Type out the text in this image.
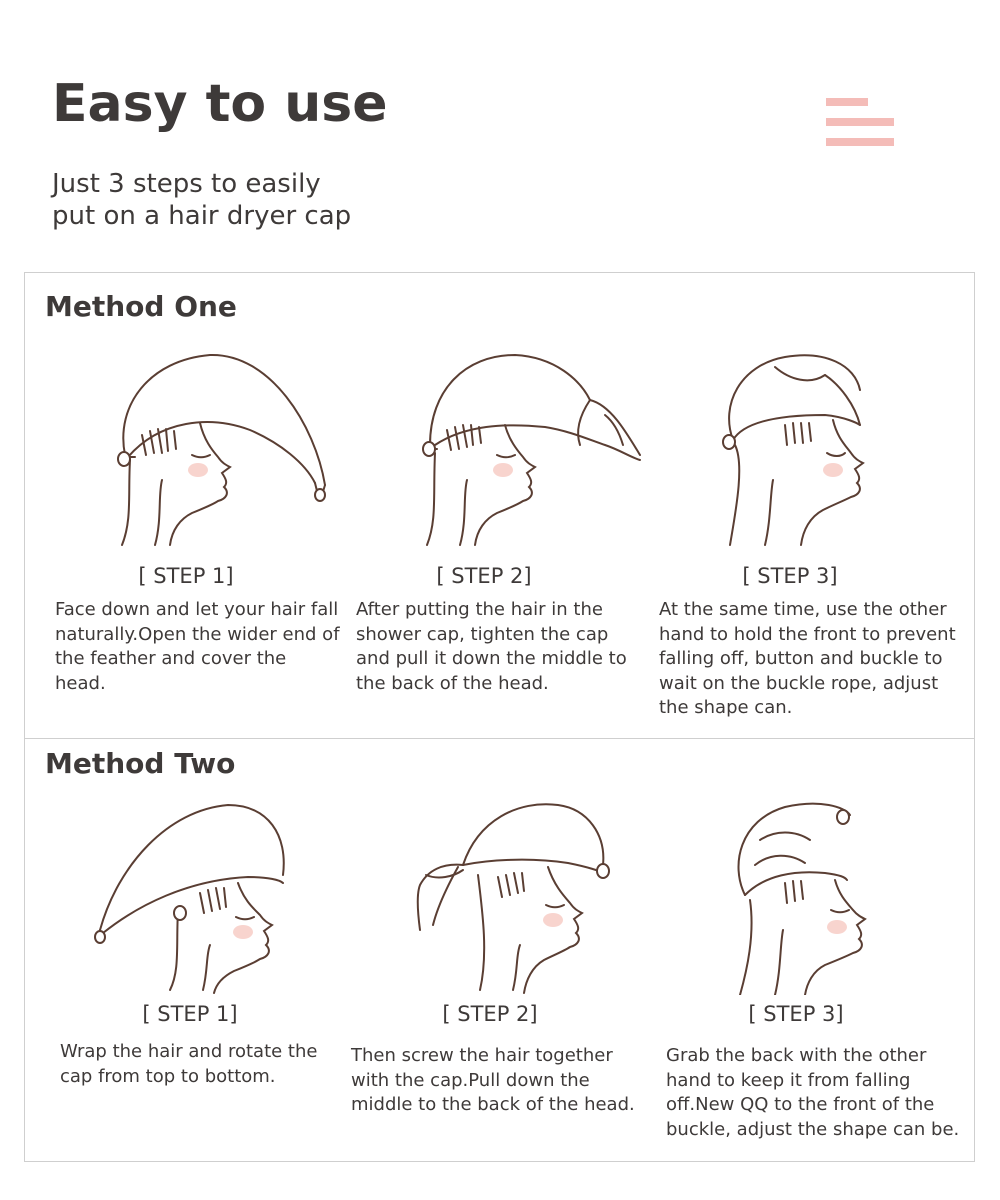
Easy to use
Just 3 steps to easily
put on a hair dryer cap
Method One
[ STEP 1]	[ STEP 2]	[ STEP 3]
Face down and let your hair fall naturally.Open the wider end of the feather and cover the head.
After putting the hair in the shower cap, tighten the cap and pull it down the middle to the back of the head.
At the same time, use the other hand to hold the front to prevent falling off, button and buckle to wait on the buckle rope, adjust the shape can.
Method Two
[ STEP 1]	[ STEP 2]	[ STEP 3]
Wrap the hair and rotate the cap from top to bottom.
Then screw the hair together with the cap.Pull down the middle to the back of the head.
Grab the back with the other hand to keep it from falling off.New QQ to the front of the buckle, adjust the shape can be.
